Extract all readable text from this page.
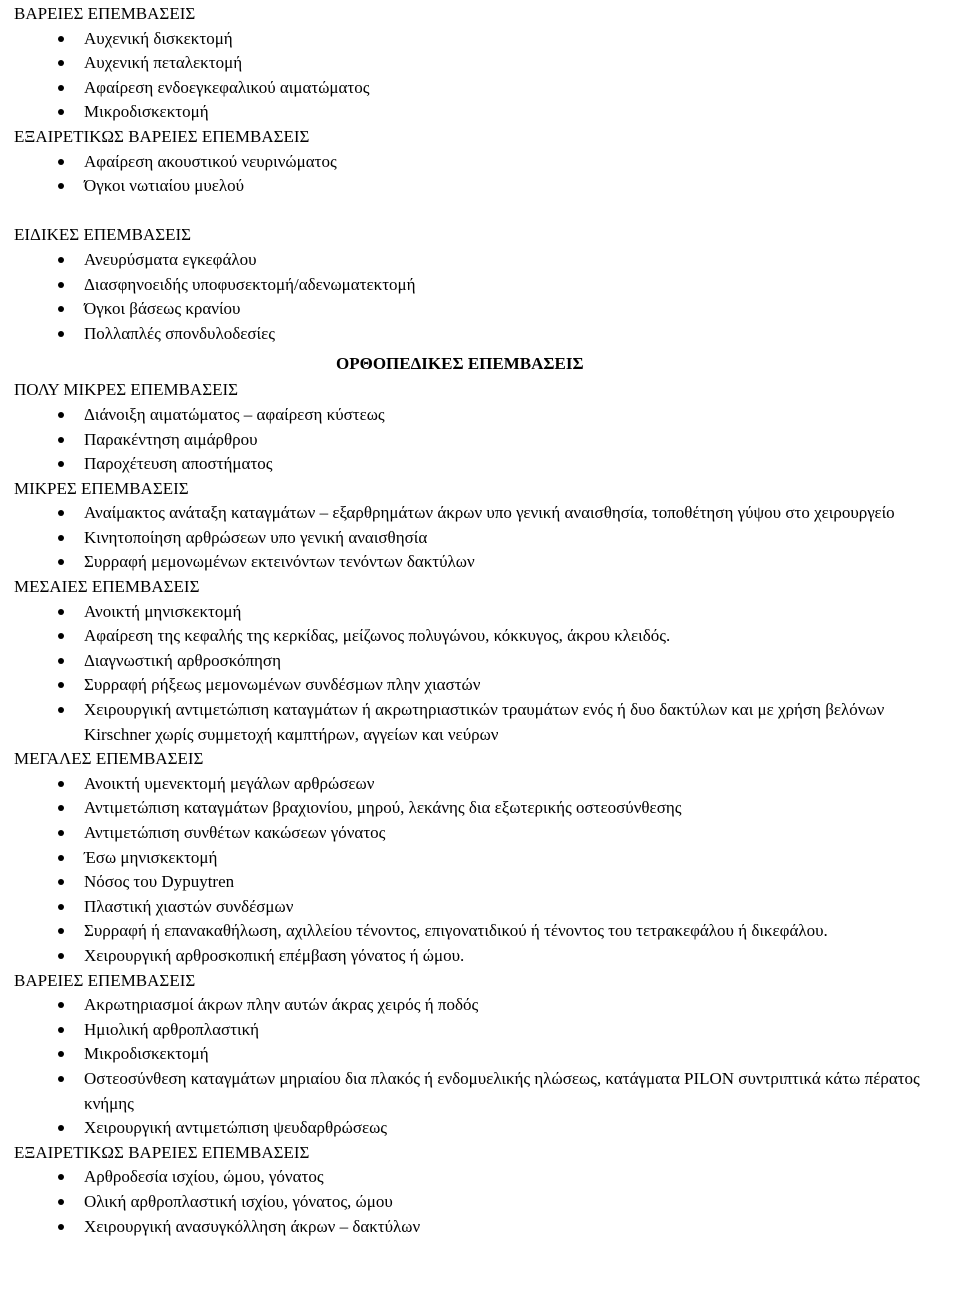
ΒΑΡΕΙΕΣ ΕΠΕΜΒΑΣΕΙΣ
Αυχενική δισκεκτομή
Αυχενική πεταλεκτομή
Αφαίρεση ενδοεγκεφαλικού αιματώματος
Μικροδισκεκτομή
ΕΞΑΙΡΕΤΙΚΩΣ ΒΑΡΕΙΕΣ ΕΠΕΜΒΑΣΕΙΣ
Αφαίρεση ακουστικού νευρινώματος
Όγκοι νωτιαίου μυελού
ΕΙΔΙΚΕΣ ΕΠΕΜΒΑΣΕΙΣ
Ανευρύσματα εγκεφάλου
Διασφηνοειδής υποφυσεκτομή/αδενωματεκτομή
Όγκοι βάσεως κρανίου
Πολλαπλές σπονδυλοδεσίες
ΟΡΘΟΠΕΔΙΚΕΣ ΕΠΕΜΒΑΣΕΙΣ
ΠΟΛΥ ΜΙΚΡΕΣ ΕΠΕΜΒΑΣΕΙΣ
Διάνοιξη αιματώματος – αφαίρεση κύστεως
Παρακέντηση αιμάρθρου
Παροχέτευση αποστήματος
ΜΙΚΡΕΣ ΕΠΕΜΒΑΣΕΙΣ
Αναίμακτος ανάταξη καταγμάτων – εξαρθρημάτων άκρων υπο γενική αναισθησία, τοποθέτηση γύψου στο χειρουργείο
Κινητοποίηση αρθρώσεων υπο γενική αναισθησία
Συρραφή μεμονωμένων εκτεινόντων τενόντων δακτύλων
ΜΕΣΑΙΕΣ ΕΠΕΜΒΑΣΕΙΣ
Ανοικτή μηνισκεκτομή
Αφαίρεση της κεφαλής της κερκίδας, μείζωνος πολυγώνου, κόκκυγος, άκρου κλειδός.
Διαγνωστική αρθροσκόπηση
Συρραφή ρήξεως μεμονωμένων συνδέσμων πλην χιαστών
Χειρουργική αντιμετώπιση καταγμάτων ή ακρωτηριαστικών τραυμάτων ενός ή δυο δακτύλων και με χρήση βελόνων Kirschner χωρίς συμμετοχή καμπτήρων, αγγείων και νεύρων
ΜΕΓΑΛΕΣ ΕΠΕΜΒΑΣΕΙΣ
Ανοικτή υμενεκτομή μεγάλων αρθρώσεων
Αντιμετώπιση καταγμάτων βραχιονίου, μηρού, λεκάνης δια εξωτερικής οστεοσύνθεσης
Αντιμετώπιση συνθέτων κακώσεων γόνατος
Έσω μηνισκεκτομή
Νόσος του Dypuytren
Πλαστική χιαστών συνδέσμων
Συρραφή ή επανακαθήλωση, αχιλλείου τένοντος, επιγονατιδικού ή τένοντος του τετρακεφάλου ή δικεφάλου.
Χειρουργική αρθροσκοπική επέμβαση γόνατος ή ώμου.
ΒΑΡΕΙΕΣ ΕΠΕΜΒΑΣΕΙΣ
Ακρωτηριασμοί άκρων πλην αυτών άκρας χειρός ή ποδός
Ημιολική αρθροπλαστική
Μικροδισκεκτομή
Οστεοσύνθεση καταγμάτων μηριαίου δια πλακός ή ενδομυελικής ηλώσεως, κατάγματα PILON συντριπτικά κάτω πέρατος κνήμης
Χειρουργική αντιμετώπιση ψευδαρθρώσεως
ΕΞΑΙΡΕΤΙΚΩΣ ΒΑΡΕΙΕΣ ΕΠΕΜΒΑΣΕΙΣ
Αρθροδεσία ισχίου, ώμου, γόνατος
Ολική αρθροπλαστική ισχίου, γόνατος, ώμου
Χειρουργική ανασυγκόλληση άκρων – δακτύλων
